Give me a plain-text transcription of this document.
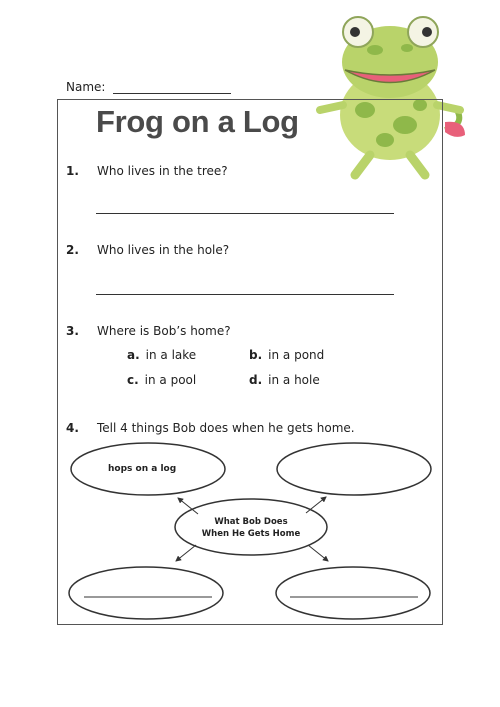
Name:
Frog on a Log
1. Who lives in the tree?
2. Who lives in the hole?
3. Where is Bob’s home?
a. in a lake	b. in a pond
c. in a pool	d. in a hole
4. Tell 4 things Bob does when he gets home.
hops on a log
What Bob Does
When He Gets Home
